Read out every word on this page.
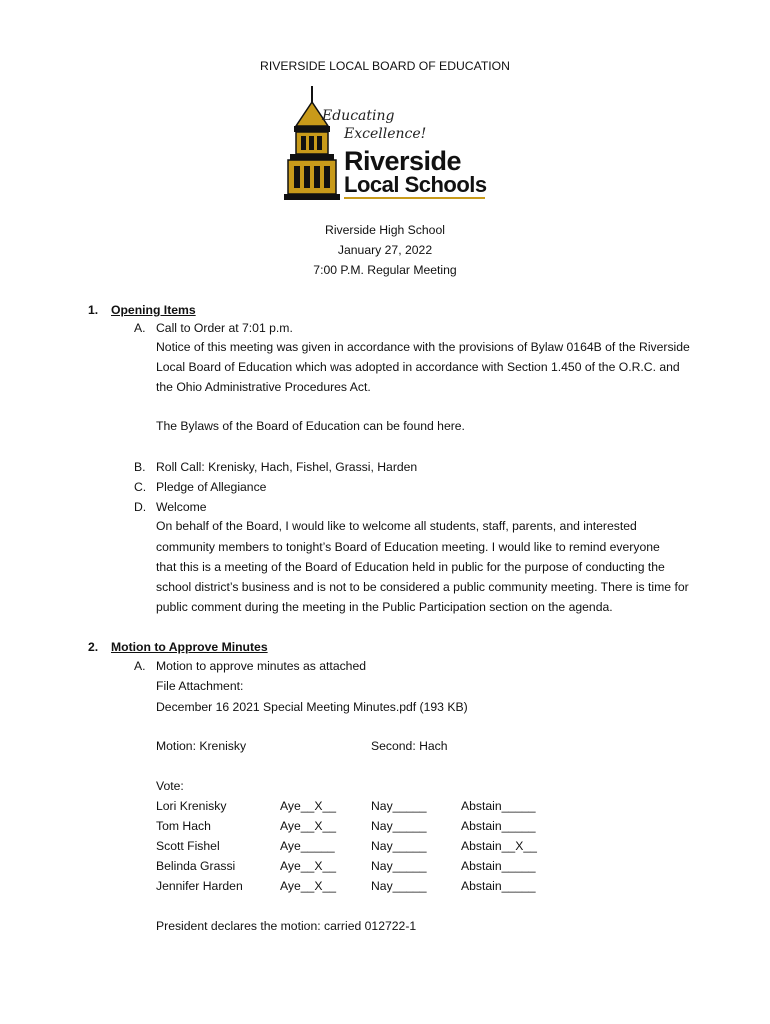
RIVERSIDE LOCAL BOARD OF EDUCATION
Educating
Excellence!
Riverside
Local Schools
Riverside High School
January 27, 2022
7:00 P.M. Regular Meeting
1. Opening Items
A. Call to Order at 7:01 p.m.
Notice of this meeting was given in accordance with the provisions of Bylaw 0164B of the Riverside
Local Board of Education which was adopted in accordance with Section 1.450 of the O.R.C. and
the Ohio Administrative Procedures Act.
The Bylaws of the Board of Education can be found here.
B. Roll Call: Krenisky, Hach, Fishel, Grassi, Harden
C. Pledge of Allegiance
D. Welcome
On behalf of the Board, I would like to welcome all students, staff, parents, and interested
community members to tonight’s Board of Education meeting. I would like to remind everyone
that this is a meeting of the Board of Education held in public for the purpose of conducting the
school district’s business and is not to be considered a public community meeting. There is time for
public comment during the meeting in the Public Participation section on the agenda.
2. Motion to Approve Minutes
A. Motion to approve minutes as attached
File Attachment:
December 16 2021 Special Meeting Minutes.pdf (193 KB)
Motion: Krenisky	Second: Hach
Vote:
Lori Krenisky	Aye__X__	Nay_____	Abstain_____
Tom Hach	Aye__X__	Nay_____	Abstain_____
Scott Fishel	Aye_____	Nay_____	Abstain__X__
Belinda Grassi	Aye__X__	Nay_____	Abstain_____
Jennifer Harden	Aye__X__	Nay_____	Abstain_____
President declares the motion: carried 012722-1
